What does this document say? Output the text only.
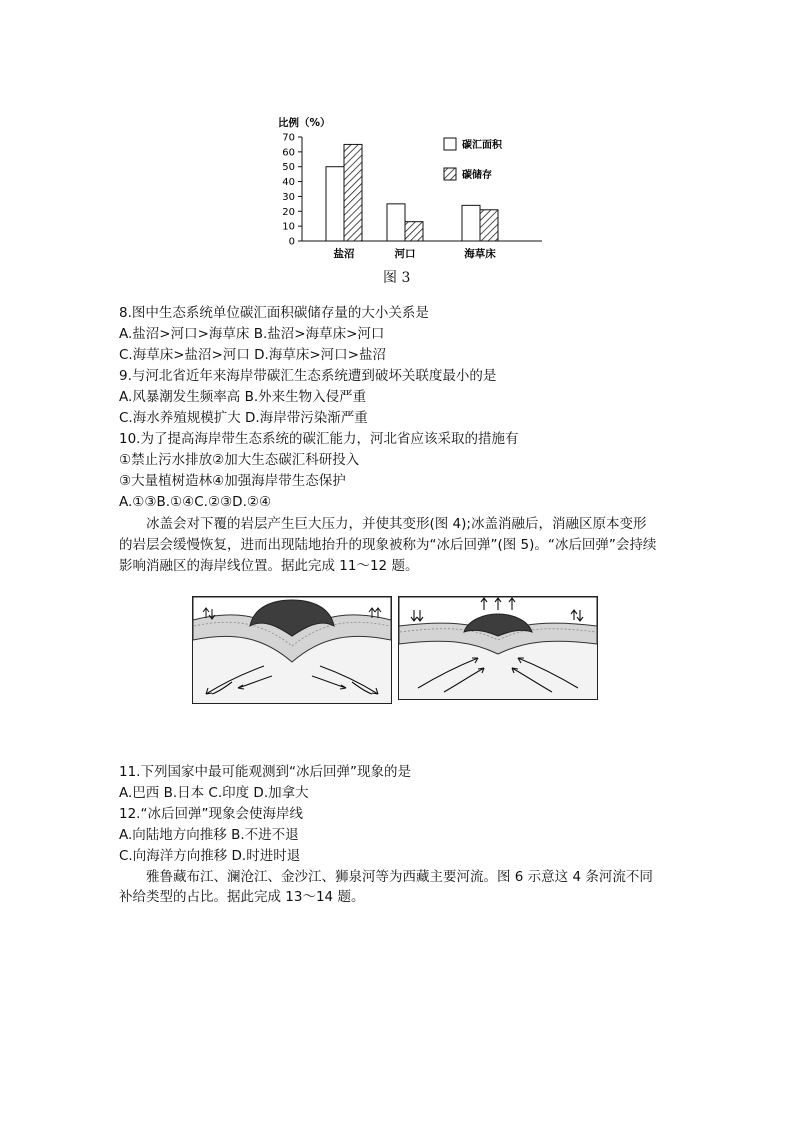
比例（%）
0
10
20
30
40
50
60
70
盐沼	河口	海草床
碳汇面积
碳储存
图 3
8.图中生态系统单位碳汇面积碳储存量的大小关系是
A.盐沼>河口>海草床 B.盐沼>海草床>河口
C.海草床>盐沼>河口 D.海草床>河口>盐沼
9.与河北省近年来海岸带碳汇生态系统遭到破坏关联度最小的是
A.风暴潮发生频率高 B.外来生物入侵严重
C.海水养殖规模扩大 D.海岸带污染渐严重
10.为了提高海岸带生态系统的碳汇能力，河北省应该采取的措施有
①禁止污水排放②加大生态碳汇科研投入
③大量植树造林④加强海岸带生态保护
A.①③B.①④C.②③D.②④
冰盖会对下覆的岩层产生巨大压力，并使其变形(图 4);冰盖消融后，消融区原本变形的岩层会缓慢恢复，进而出现陆地抬升的现象被称为“冰后回弹”(图 5)。“冰后回弹”会持续影响消融区的海岸线位置。据此完成 11～12 题。
11.下列国家中最可能观测到“冰后回弹”现象的是
A.巴西 B.日本 C.印度 D.加拿大
12.“冰后回弹”现象会使海岸线
A.向陆地方向推移 B.不进不退
C.向海洋方向推移 D.时进时退
雅鲁藏布江、澜沧江、金沙江、狮泉河等为西藏主要河流。图 6 示意这 4 条河流不同补给类型的占比。据此完成 13～14 题。
